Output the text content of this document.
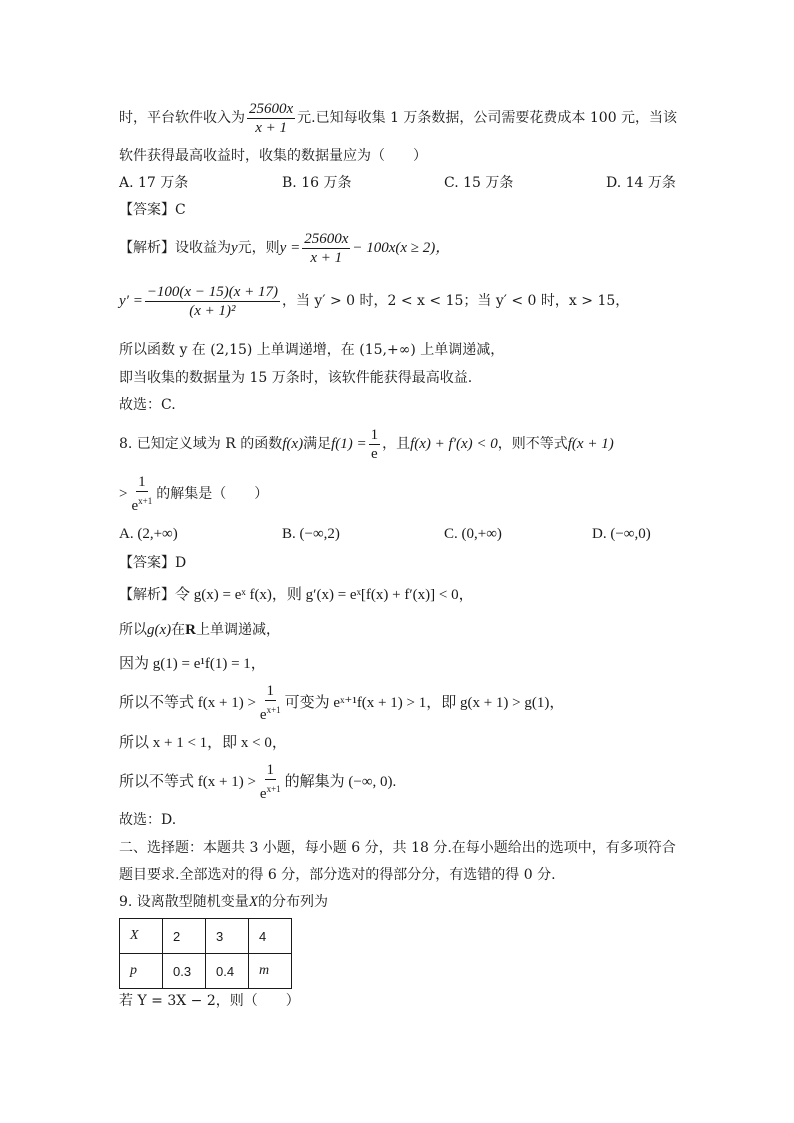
时，平台软件收入为 $\frac{25600x}{x + 1}$ 元.已知每收集 1 万条数据，公司需要花费成本 100 元，当该
软件获得最高收益时，收集的数据量应为（　　）
A. 17 万条	B. 16 万条	C. 15 万条	D. 14 万条
【答案】C
【解析】设收益为y元，则$y = \frac{25600x}{x + 1} - 100x(x \ge 2)$，
$y' = \frac{-100(x - 15)(x + 17)}{\text{(x + 1)²}}$ ，当 y′ > 0 时，2 < x < 15；当 y′ < 0 时，x > 15，
所以函数 y 在 (2,15) 上单调递增，在 (15,+∞) 上单调递减，
即当收集的数据量为 15 万条时，该软件能获得最高收益.
故选：C.
8. 已知定义域为 R 的函数f(x)满足$f(1) = \frac{1}{e}$ ，且f(x) + f′(x) < 0，则不等式f(x + 1)
> $\frac{1}{e^{x+1}}$ 的解集是（　　）
A. (2,+∞)	B. (−∞,2)	C. (0,+∞)	D. (−∞,0)
【答案】D
【解析】令 g(x) = eˣ f(x)，则 g′(x) = eˣ[f(x) + f′(x)] < 0，
所以g(x)在R上单调递减，
因为 g(1) = e¹f(1) = 1，
所以不等式 $f(x + 1) > \frac{1}{e^{x+1}}$ 可变为 eˣ⁺¹f(x + 1) > 1，即 g(x + 1) > g(1)，
所以 x + 1 < 1，即 x < 0，
所以不等式 $f(x + 1) > \frac{1}{e^{x+1}}$ 的解集为 (−∞, 0).
故选：D.
二、选择题：本题共 3 小题，每小题 6 分，共 18 分.在每小题给出的选项中，有多项符合
题目要求.全部选对的得 6 分，部分选对的得部分分，有选错的得 0 分.
9. 设离散型随机变量X的分布列为
X	2	3	4
p	0.3	0.4	m
若 Y = 3X − 2，则（　　）
